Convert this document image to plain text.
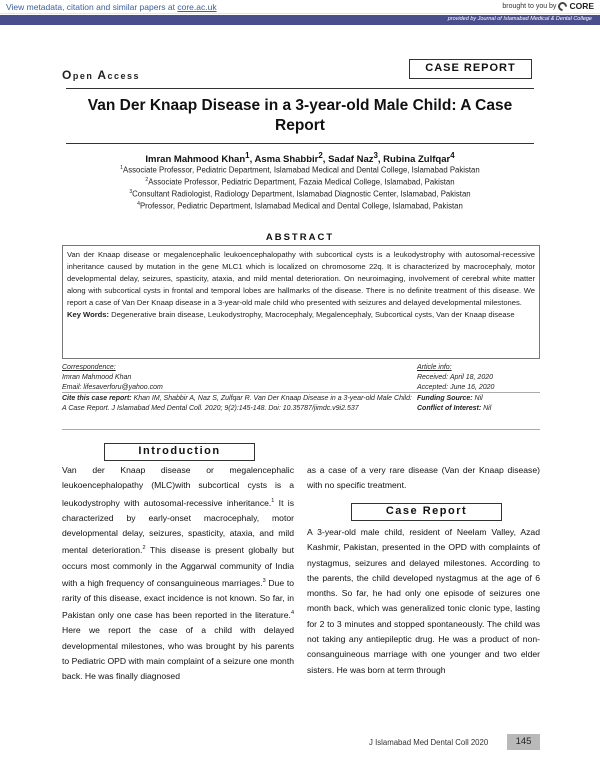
View metadata, citation and similar papers at core.ac.uk	brought to you by CORE
provided by Journal of Islamabad Medical & Dental College
Open Access
CASE REPORT
Van Der Knaap Disease in a 3-year-old Male Child: A Case
Report
Imran Mahmood Khan$^1$, Asma Shabbir$^2$, Sadaf Naz$^3$, Rubina Zulfqar$^4$
$^1$Associate Professor, Pediatric Department, Islamabad Medical and Dental College, Islamabad Pakistan
$^2$Associate Professor, Pediatric Department, Fazaia Medical College, Islamabad, Pakistan
$^3$Consultant Radiologist, Radiology Department, Islamabad Diagnostic Center, Islamabad, Pakistan
$^4$Professor, Pediatric Department, Islamabad Medical and Dental College, Islamabad, Pakistan
ABSTRACT
Van der Knaap disease or megalencephalic leukoencephalopathy with subcortical cysts is a leukodystrophy with autosomal-recessive inheritance caused by mutation in the gene MLC1 which is localized on chromosome 22q. It is characterized by macrocephaly, motor developmental delay, seizures, spasticity, ataxia, and mild mental deterioration. On neuroimaging, involvement of cerebral white matter along with subcortical cysts in frontal and temporal lobes are hallmarks of the disease. There is no definite treatment of this disease. We report a case of Van Der Knaap disease in a 3-year-old male child who presented with seizures and delayed developmental milestones.
Key Words: Degenerative brain disease, Leukodystrophy, Macrocephaly, Megalencephaly, Subcortical cysts, Van der Knaap disease
Correspondence:
Imran Mahmood Khan
Email: lifesaverforu@yahoo.com
Article info:
Received: April 18, 2020
Accepted: June 16, 2020
Cite this case report: Khan IM, Shabbir A, Naz S, Zulfqar R. Van Der Knaap Disease in a 3-year-old Male Child: A Case Report. J Islamabad Med Dental Coll. 2020; 9(2):145-148. Doi: 10.35787/jimdc.v9i2.537
Funding Source: Nil
Conflict of Interest: Nil
Introduction
Van der Knaap disease or megalencephalic leukoencephalopathy (MLC)with subcortical cysts is a leukodystrophy with autosomal-recessive inheritance.$^1$ It is characterized by early-onset macrocephaly, motor developmental delay, seizures, spasticity, ataxia, and mild mental deterioration.$^2$ This disease is present globally but occurs most commonly in the Aggarwal community of India with a high frequency of consanguineous marriages.$^3$ Due to rarity of this disease, exact incidence is not known. So far, in Pakistan only one case has been reported in the literature.$^4$ Here we report the case of a child with delayed developmental milestones, who was brought by his parents to Pediatric OPD with main complaint of a seizure one month back. He was finally diagnosed
as a case of a very rare disease (Van der Knaap disease) with no specific treatment.
Case Report
A 3-year-old male child, resident of Neelam Valley, Azad Kashmir, Pakistan, presented in the OPD with complaints of nystagmus, seizures and delayed milestones. According to the parents, the child developed nystagmus at the age of 6 months. So far, he had only one episode of seizures one month back, which was generalized tonic clonic type, lasting for 2 to 3 minutes and stopped spontaneously. The child was not taking any antiepileptic drug. He was a product of non-consanguineous marriage with one younger and two elder sisters. He was born at term through
J Islamabad Med Dental Coll 2020	145
